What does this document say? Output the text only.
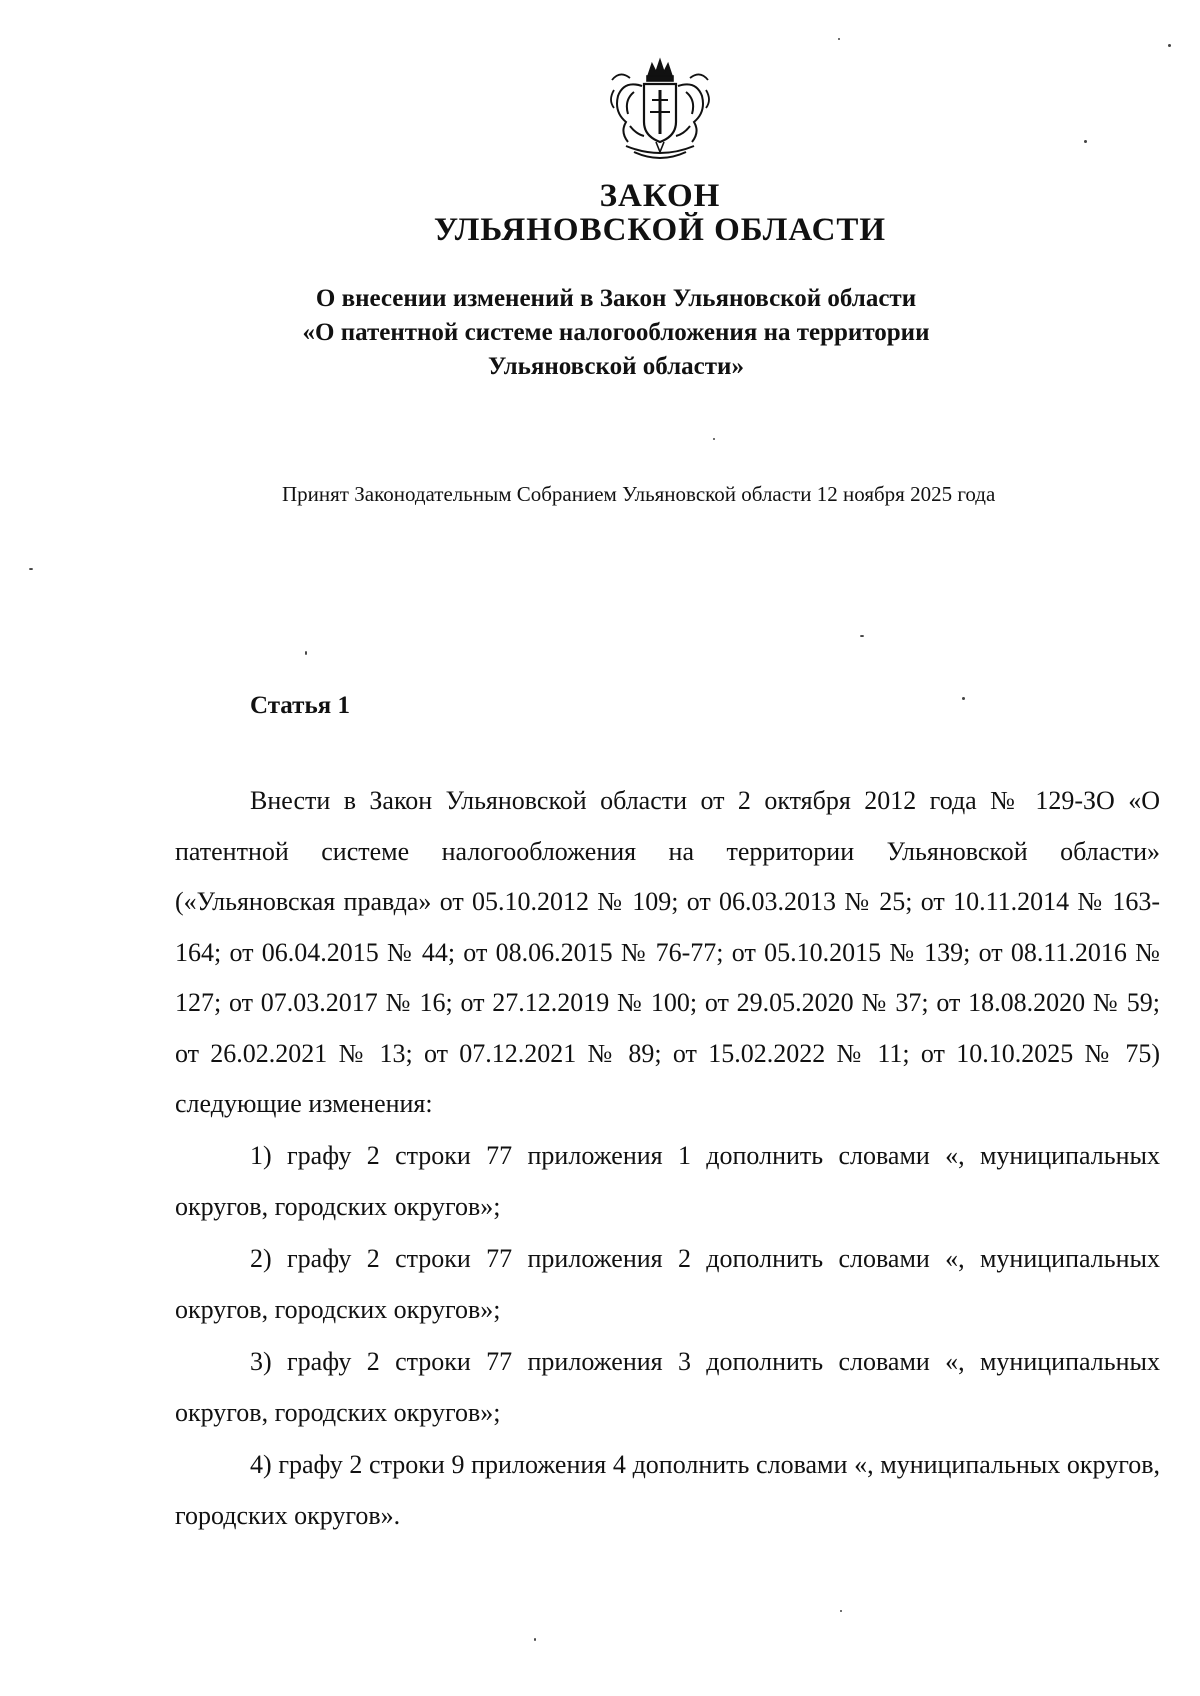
ЗАКОН
УЛЬЯНОВСКОЙ ОБЛАСТИ
О внесении изменений в Закон Ульяновской области
«О патентной системе налогообложения на территории
Ульяновской области»
Принят Законодательным Собранием Ульяновской области 12 ноября 2025 года
Статья 1

Внести в Закон Ульяновской области от 2 октября 2012 года № 129-ЗО «О патентной системе налогообложения на территории Ульяновской области» («Ульяновская правда» от 05.10.2012 № 109; от 06.03.2013 № 25; от 10.11.2014 № 163-164; от 06.04.2015 № 44; от 08.06.2015 № 76-77; от 05.10.2015 № 139; от 08.11.2016 № 127; от 07.03.2017 № 16; от 27.12.2019 № 100; от 29.05.2020 № 37; от 18.08.2020 № 59; от 26.02.2021 № 13; от 07.12.2021 № 89; от 15.02.2022 № 11; от 10.10.2025 № 75) следующие изменения:

1) графу 2 строки 77 приложения 1 дополнить словами «, муниципальных округов, городских округов»;

2) графу 2 строки 77 приложения 2 дополнить словами «, муниципальных округов, городских округов»;

3) графу 2 строки 77 приложения 3 дополнить словами «, муниципальных округов, городских округов»;

4) графу 2 строки 9 приложения 4 дополнить словами «, муниципальных округов, городских округов».
